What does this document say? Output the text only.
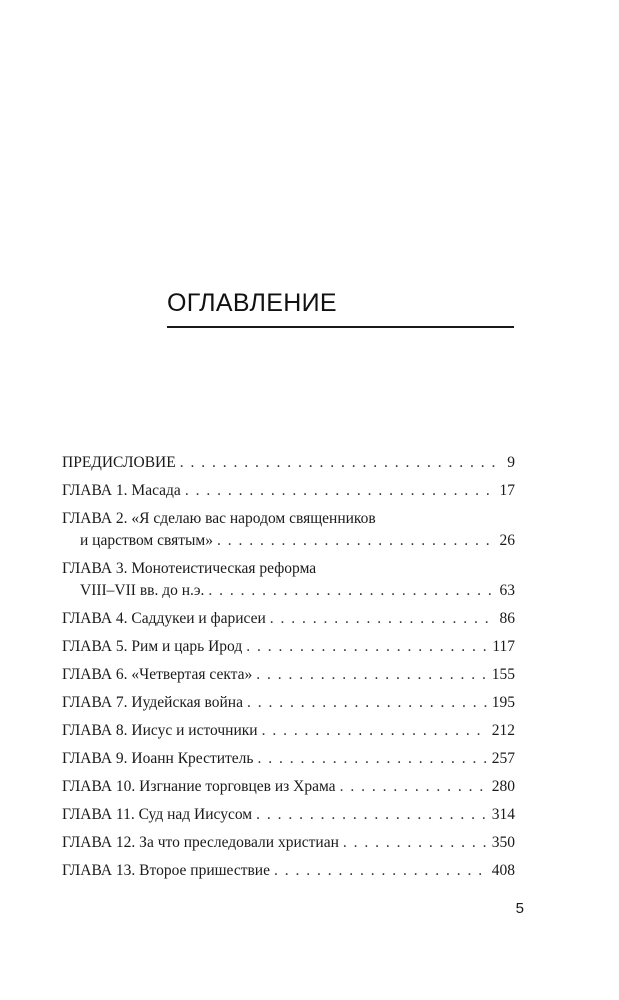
ОГЛАВЛЕНИЕ
ПРЕДИСЛОВИЕ . . .	9
ГЛАВА 1. Масада . . .	17
ГЛАВА 2. «Я сделаю вас народом священников
и царством святым» . . .	26
ГЛАВА 3. Монотеистическая реформа
VIII–VII вв. до н.э. . . .	63
ГЛАВА 4. Саддукеи и фарисеи . . .	86
ГЛАВА 5. Рим и царь Ирод . . .	117
ГЛАВА 6. «Четвертая секта» . . .	155
ГЛАВА 7. Иудейская война . . .	195
ГЛАВА 8. Иисус и источники . . .	212
ГЛАВА 9. Иоанн Креститель . . .	257
ГЛАВА 10. Изгнание торговцев из Храма . . .	280
ГЛАВА 11. Суд над Иисусом . . .	314
ГЛАВА 12. За что преследовали христиан . . .	350
ГЛАВА 13. Второе пришествие . . .	408
5
